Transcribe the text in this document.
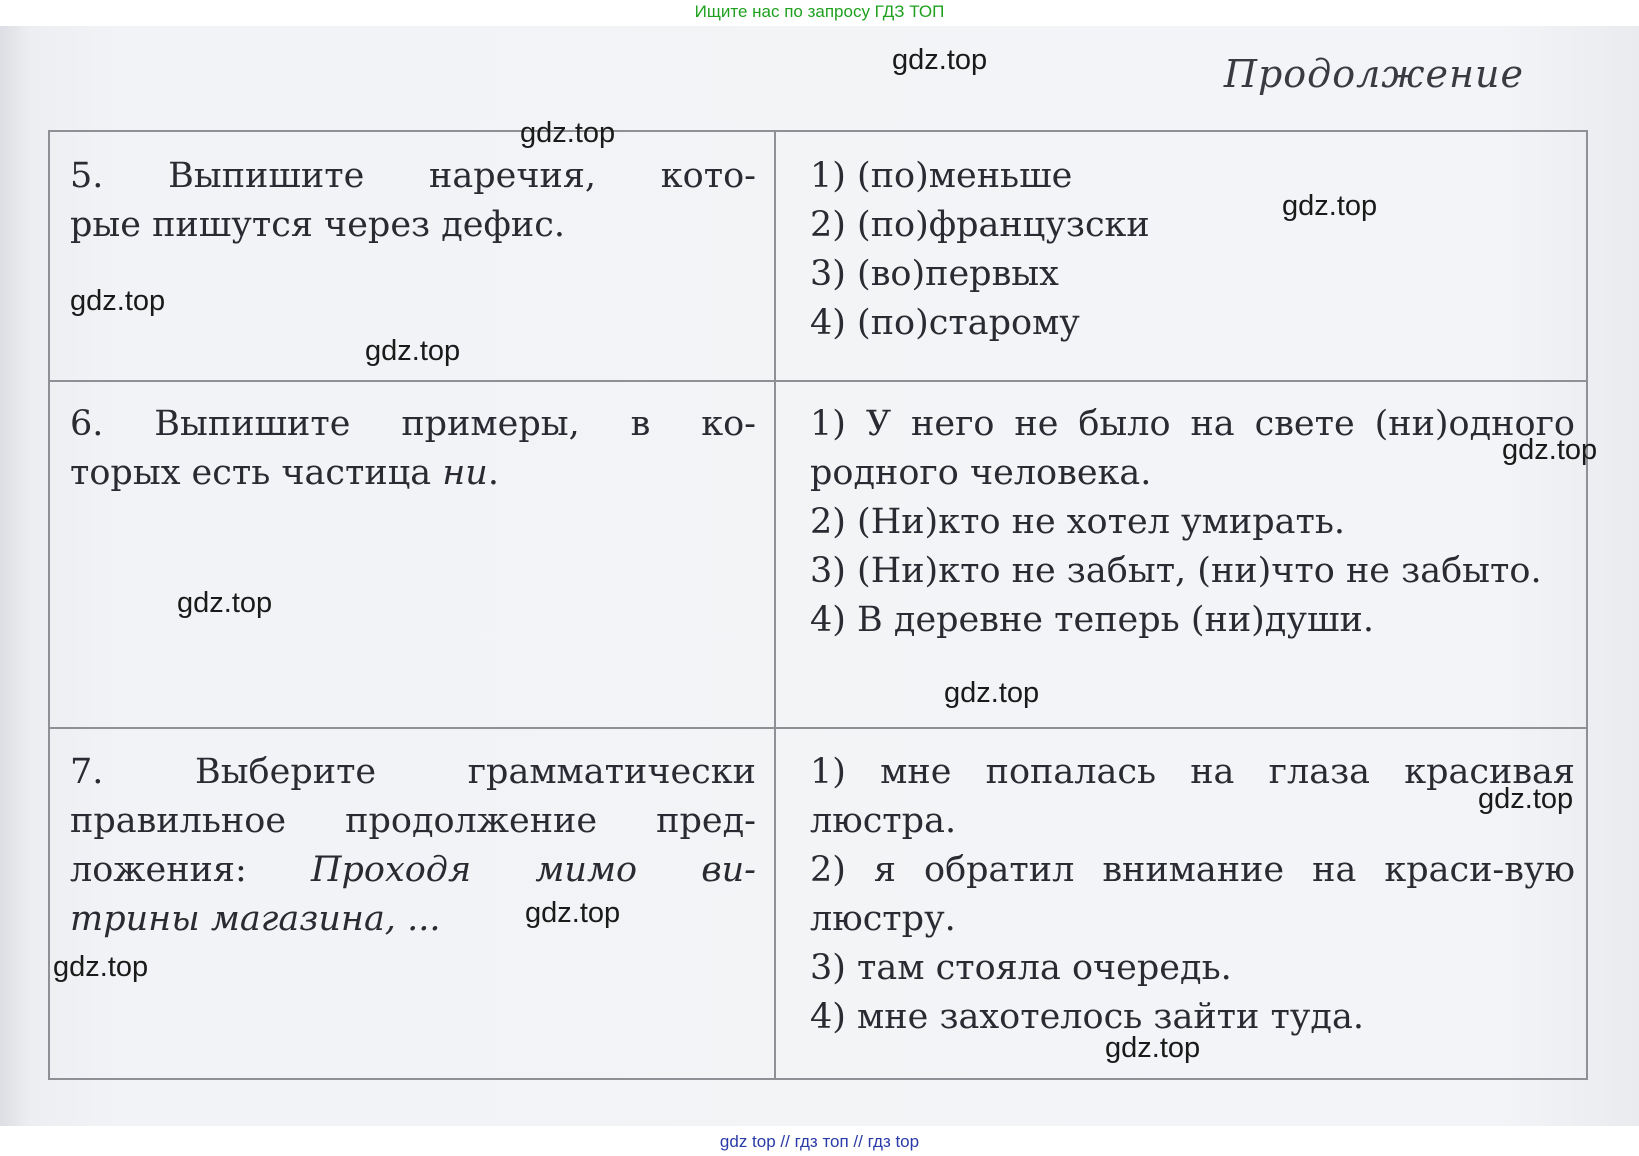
Ищите нас по запросу ГДЗ ТОП
Продолжение
5. Выпишите наречия, кото-
рые пишутся через дефис.
1) (по)меньше
2) (по)французски
3) (во)первых
4) (по)старому
6. Выпишите примеры, в ко-
торых есть частица ни.
1) У него не было на свете (ни)одного родного человека.
2) (Ни)кто не хотел умирать.
3) (Ни)кто не забыт, (ни)что не забыто.
4) В деревне теперь (ни)души.
7. Выберите грамматически
правильное продолжение пред-
ложения: Проходя мимо ви-
трины магазина, ...
1) мне попалась на глаза красивая люстра.
2) я обратил внимание на краси-вую люстру.
3) там стояла очередь.
4) мне захотелось зайти туда.
gdz.top
gdz.top
gdz.top
gdz.top
gdz.top
gdz.top
gdz.top
gdz.top
gdz.top
gdz.top
gdz.top
gdz.top
gdz top // гдз топ // гдз top
